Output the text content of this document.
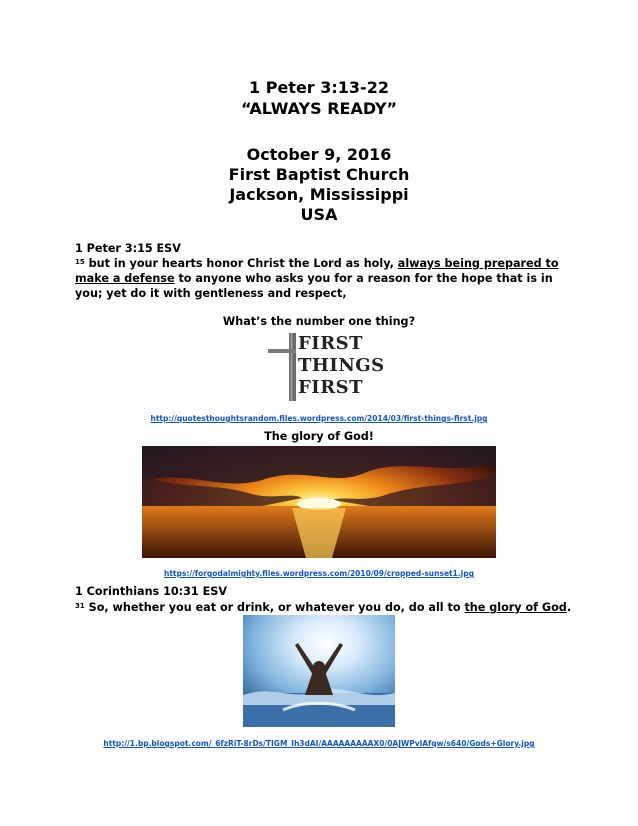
1 Peter 3:13-22
“ALWAYS READY”
October 9, 2016
First Baptist Church
Jackson, Mississippi
USA
1 Peter 3:15 ESV
$^{15}$ but in your hearts honor Christ the Lord as holy, always being prepared to make a defense to anyone who asks you for a reason for the hope that is in you; yet do it with gentleness and respect,
What’s the number one thing?
FIRST
THINGS
FIRST
http://quotesthoughtsrandom.files.wordpress.com/2014/03/first-things-first.jpg
The glory of God!
https://forgodalmighty.files.wordpress.com/2010/09/cropped-sunset1.jpg
1 Corinthians 10:31 ESV
$^{31}$ So, whether you eat or drink, or whatever you do, do all to the glory of God.
http://1.bp.blogspot.com/_6fzRiT-8rDs/TIGM_Ih3dAI/AAAAAAAAAX0/0AJWPvlAfqw/s640/Gods+Glory.jpg
